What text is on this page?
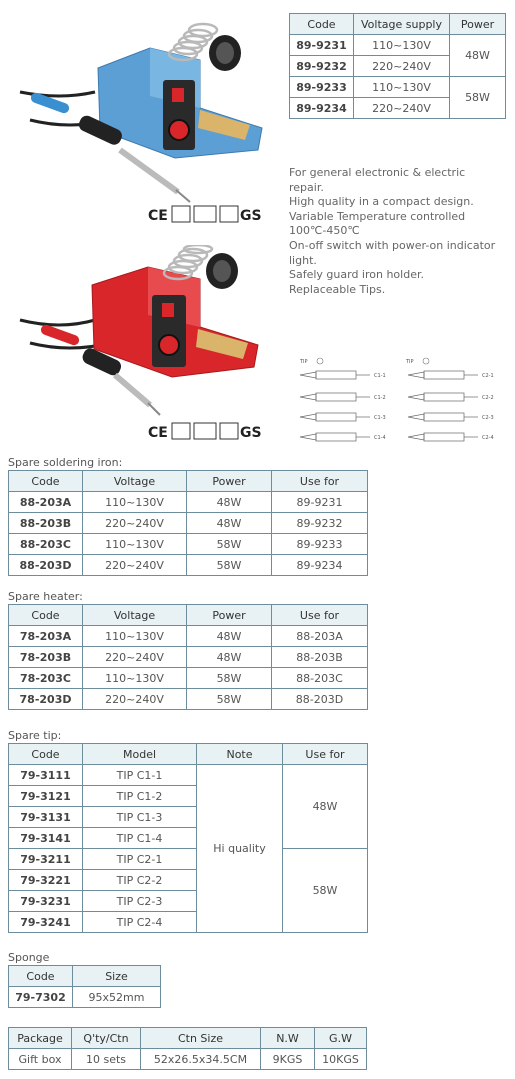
CE	GS
CE	GS
Code	Voltage supply	Power
89-9231	110~130V	48W
89-9232	220~240V	
89-9233	110~130V	58W
89-9234	220~240V	

For general electronic & electric

repair.

High quality in a compact design.

Variable Temperature controlled

100℃-450℃

On-off switch with power-on indicator

light.

Safely guard iron holder.

Replaceable Tips.

TIP	TIP
C1-1
C1-2
C1-3
C1-4
C2-1
C2-2
C2-3
C2-4
Spare soldering iron:
Code	Voltage	Power	Use for
88-203A	110~130V	48W	89-9231
88-203B	220~240V	48W	89-9232
88-203C	110~130V	58W	89-9233
88-203D	220~240V	58W	89-9234
Spare heater:
Code	Voltage	Power	Use for
78-203A	110~130V	48W	88-203A
78-203B	220~240V	48W	88-203B
78-203C	110~130V	58W	88-203C
78-203D	220~240V	58W	88-203D
Spare tip:
Code	Model	Note	Use for
79-3111	TIP C1-1	Hi quality	48W
79-3121	TIP C1-2		
79-3131	TIP C1-3		
79-3141	TIP C1-4		
79-3211	TIP C2-1		58W
79-3221	TIP C2-2		
79-3231	TIP C2-3		
79-3241	TIP C2-4		
Sponge
Code	Size
79-7302	95x52mm
Package	Q'ty/Ctn	Ctn Size	N.W	G.W
Gift box	10 sets	52x26.5x34.5CM	9KGS	10KGS
